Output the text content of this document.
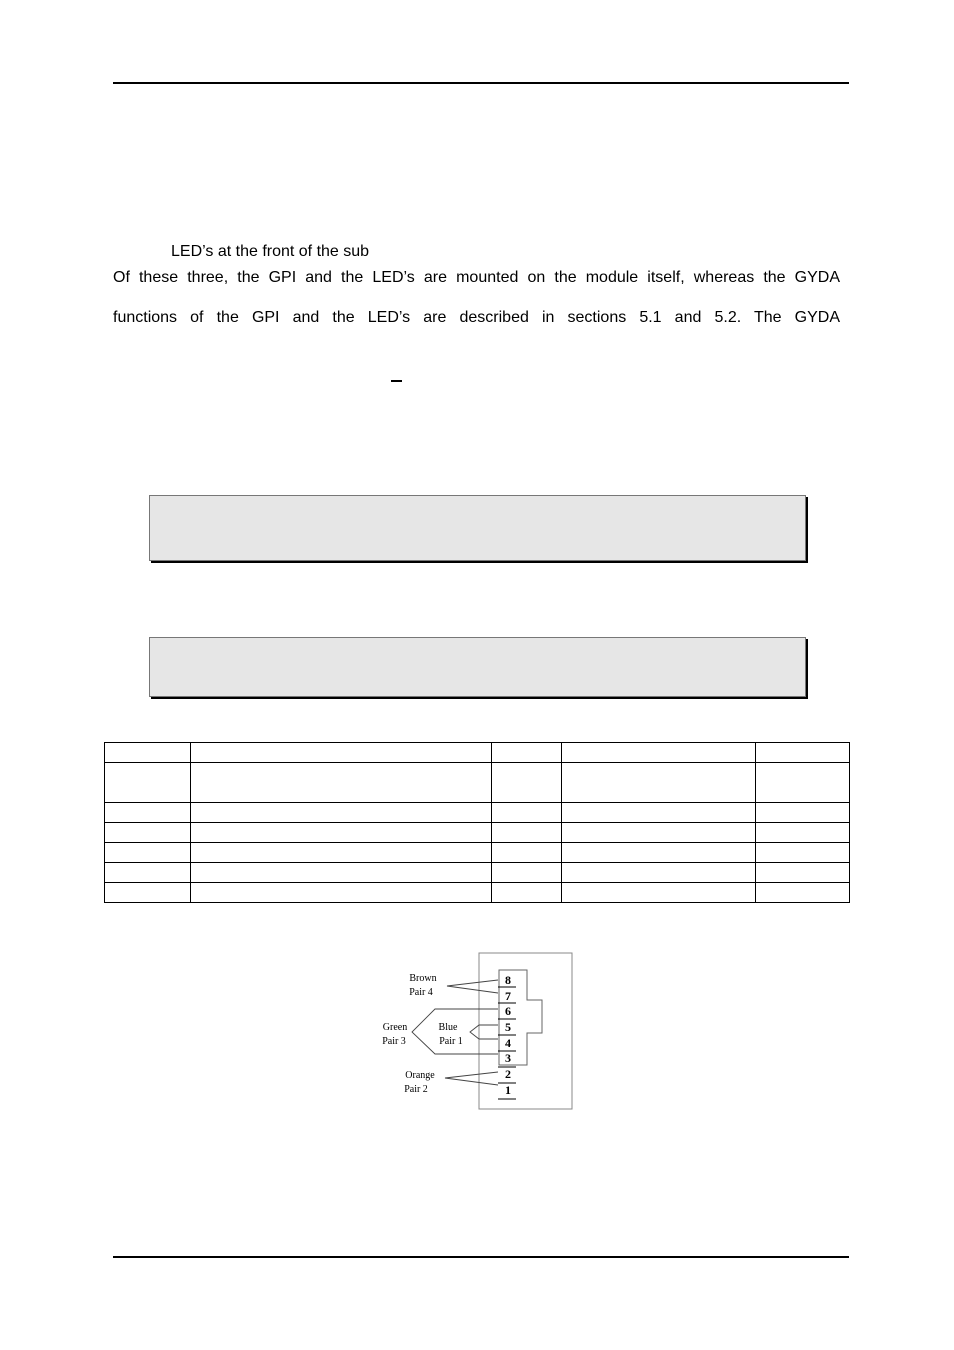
LED’s at the front of the sub
Of these three, the GPI and the LED’s are mounted on the module itself, whereas the GYDA
functions of the GPI and the LED’s are described in sections 5.1 and 5.2. The GYDA

8
7
6
5
4
3
2
1
Brown
Pair 4
Green
Pair 3
Blue
Pair 1
Orange
Pair 2
